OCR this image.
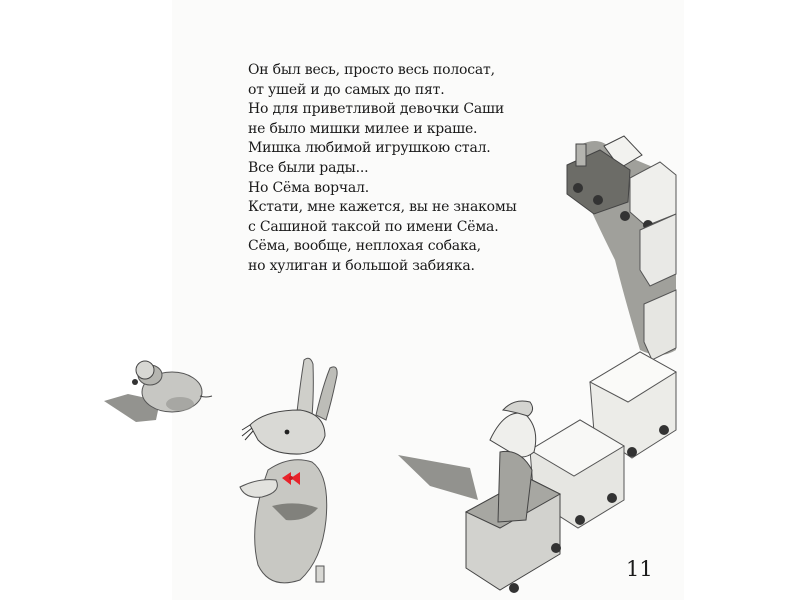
Он был весь, просто весь полосат,
от ушей и до самых до пят.
Но для приветливой девочки Саши
не было мишки милее и краше.
Мишка любимой игрушкою стал.
Все были рады...
Но Сёма ворчал.
Кстати, мне кажется, вы не знакомы
с Сашиной таксой по имени Сёма.
Сёма, вообще, неплохая собака,
но хулиган и большой забияка.
11
